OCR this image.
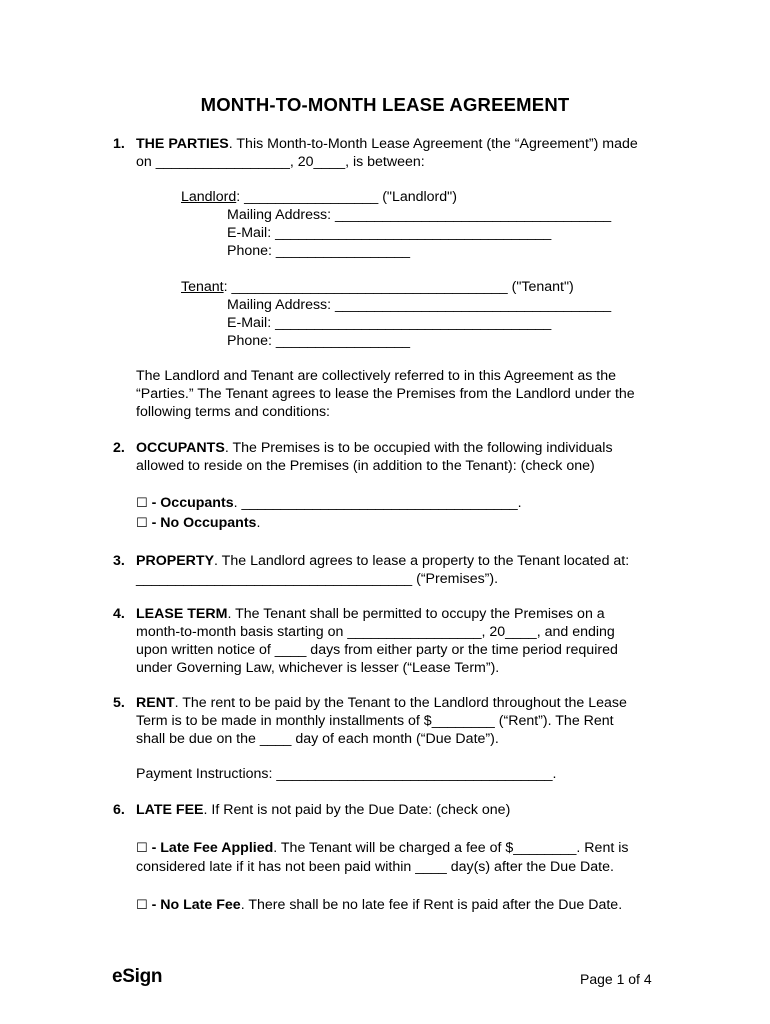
MONTH-TO-MONTH LEASE AGREEMENT
1. THE PARTIES. This Month-to-Month Lease Agreement (the “Agreement”) made
on _________________, 20____, is between:
Landlord: _________________ ("Landlord")
Mailing Address: ___________________________________
E-Mail: ___________________________________
Phone: _________________
Tenant: ___________________________________ ("Tenant")
Mailing Address: ___________________________________
E-Mail: ___________________________________
Phone: _________________
The Landlord and Tenant are collectively referred to in this Agreement as the
“Parties.” The Tenant agrees to lease the Premises from the Landlord under the
following terms and conditions:
2. OCCUPANTS. The Premises is to be occupied with the following individuals
allowed to reside on the Premises (in addition to the Tenant): (check one)
☐ - Occupants. ___________________________________.
☐ - No Occupants.
3. PROPERTY. The Landlord agrees to lease a property to the Tenant located at:
___________________________________ (“Premises”).
4. LEASE TERM. The Tenant shall be permitted to occupy the Premises on a
month-to-month basis starting on _________________, 20____, and ending
upon written notice of ____ days from either party or the time period required
under Governing Law, whichever is lesser (“Lease Term”).
5. RENT. The rent to be paid by the Tenant to the Landlord throughout the Lease
Term is to be made in monthly installments of $________ (“Rent”). The Rent
shall be due on the ____ day of each month (“Due Date”).
Payment Instructions: ___________________________________.
6. LATE FEE. If Rent is not paid by the Due Date: (check one)
☐ - Late Fee Applied. The Tenant will be charged a fee of $________. Rent is
considered late if it has not been paid within ____ day(s) after the Due Date.
☐ - No Late Fee. There shall be no late fee if Rent is paid after the Due Date.
eSign	Page 1 of 4
